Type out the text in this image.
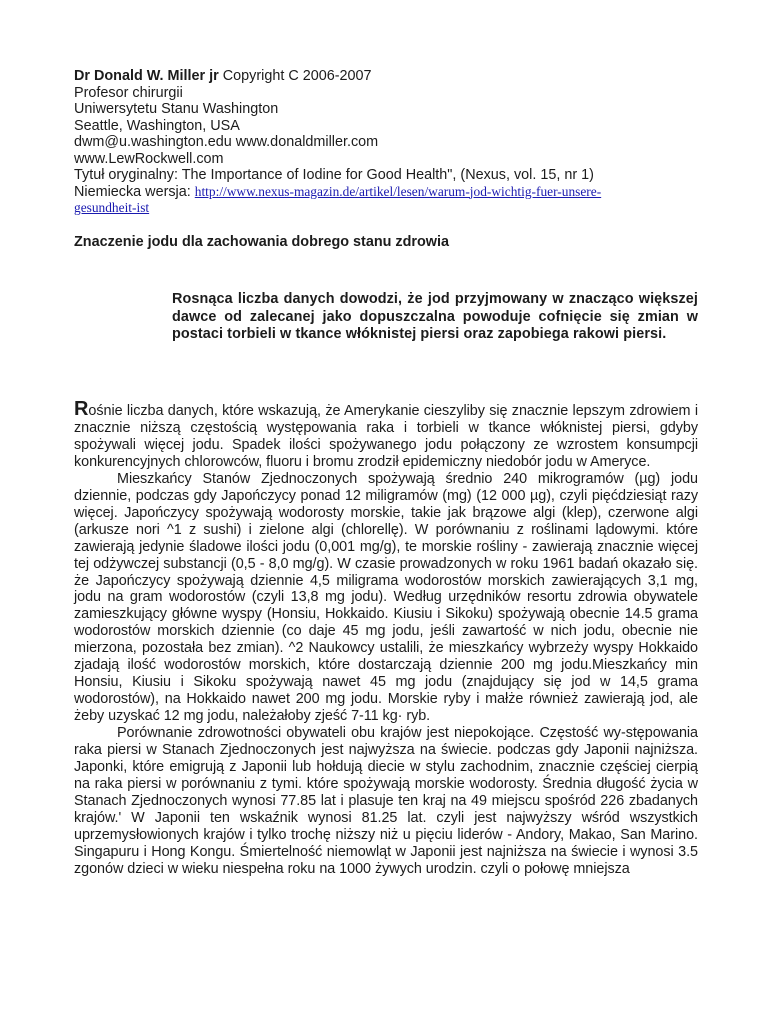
Dr Donald W. Miller jr Copyright C 2006-2007
Profesor chirurgii
Uniwersytetu Stanu Washington
Seattle, Washington, USA
dwm@u.washington.edu www.donaldmiller.com
www.LewRockwell.com
Tytuł oryginalny: The Importance of Iodine for Good Health", (Nexus, vol. 15, nr 1)
Niemiecka wersja: http://www.nexus-magazin.de/artikel/lesen/warum-jod-wichtig-fuer-unsere-
gesundheit-ist
Znaczenie jodu dla zachowania dobrego stanu zdrowia
Rosnąca liczba danych dowodzi, że jod przyjmowany w znacząco większej dawce od zalecanej jako dopuszczalna powoduje cofnięcie się zmian w postaci torbieli w tkance włóknistej piersi oraz zapobiega rakowi piersi.

Rośnie liczba danych, które wskazują, że Amerykanie cieszyliby się znacznie lepszym zdrowiem i znacznie niższą częstością występowania raka i torbieli w tkance włóknistej piersi, gdyby spożywali więcej jodu. Spadek ilości spożywanego jodu połączony ze wzrostem konsumpcji konkurencyjnych chlorowców, fluoru i bromu zrodził epidemiczny niedobór jodu w Ameryce.

Mieszkańcy Stanów Zjednoczonych spożywają średnio 240 mikrogramów (µg) jodu dziennie, podczas gdy Japończycy ponad 12 miligramów (mg) (12 000 µg), czyli pięćdziesiąt razy więcej. Japończycy spożywają wodorosty morskie, takie jak brązowe algi (klep), czerwone algi (arkusze nori ^1 z sushi) i zielone algi (chlorellę). W porównaniu z roślinami lądowymi. które zawierają jedynie śladowe ilości jodu (0,001 mg/g), te morskie rośliny - zawierają znacznie więcej tej odżywczej substancji (0,5 - 8,0 mg/g). W czasie prowadzonych w roku 1961 badań okazało się. że Japończycy spożywają dziennie 4,5 miligrama wodorostów morskich zawierających 3,1 mg, jodu na gram wodorostów (czyli 13,8 mg jodu). Według urzędników resortu zdrowia obywatele zamieszkujący główne wyspy (Honsiu, Hokkaido. Kiusiu i Sikoku) spożywają obecnie 14.5 grama wodorostów morskich dziennie (co daje 45 mg jodu, jeśli zawartość w nich jodu, obecnie nie mierzona, pozostała bez zmian). ^2 Naukowcy ustalili, że mieszkańcy wybrzeży wyspy Hokkaido zjadają ilość wodorostów morskich, które dostarczają dziennie 200 mg jodu.Mieszkańcy min Honsiu, Kiusiu i Sikoku spożywają nawet 45 mg jodu (znajdujący się jod w 14,5 grama wodorostów), na Hokkaido nawet 200 mg jodu. Morskie ryby i małże również zawierają jod, ale żeby uzyskać 12 mg jodu, należałoby zjeść 7-11 kg· ryb.

Porównanie zdrowotności obywateli obu krajów jest niepokojące. Częstość wy-stępowania raka piersi w Stanach Zjednoczonych jest najwyższa na świecie. podczas gdy Japonii najniższa. Japonki, które emigrują z Japonii lub hołdują diecie w stylu zachodnim, znacznie częściej cierpią na raka piersi w porównaniu z tymi. które spożywają morskie wodorosty. Średnia długość życia w Stanach Zjednoczonych wynosi 77.85 lat i plasuje ten kraj na 49 miejscu spośród 226 zbadanych krajów.' W Japonii ten wskaźnik wynosi 81.25 lat. czyli jest najwyższy wśród wszystkich uprzemysłowionych krajów i tylko trochę niższy niż u pięciu liderów - Andory, Makao, San Marino. Singapuru i Hong Kongu. Śmiertelność niemowląt w Japonii jest najniższa na świecie i wynosi 3.5 zgonów dzieci w wieku niespełna roku na 1000 żywych urodzin. czyli o połowę mniejsza
